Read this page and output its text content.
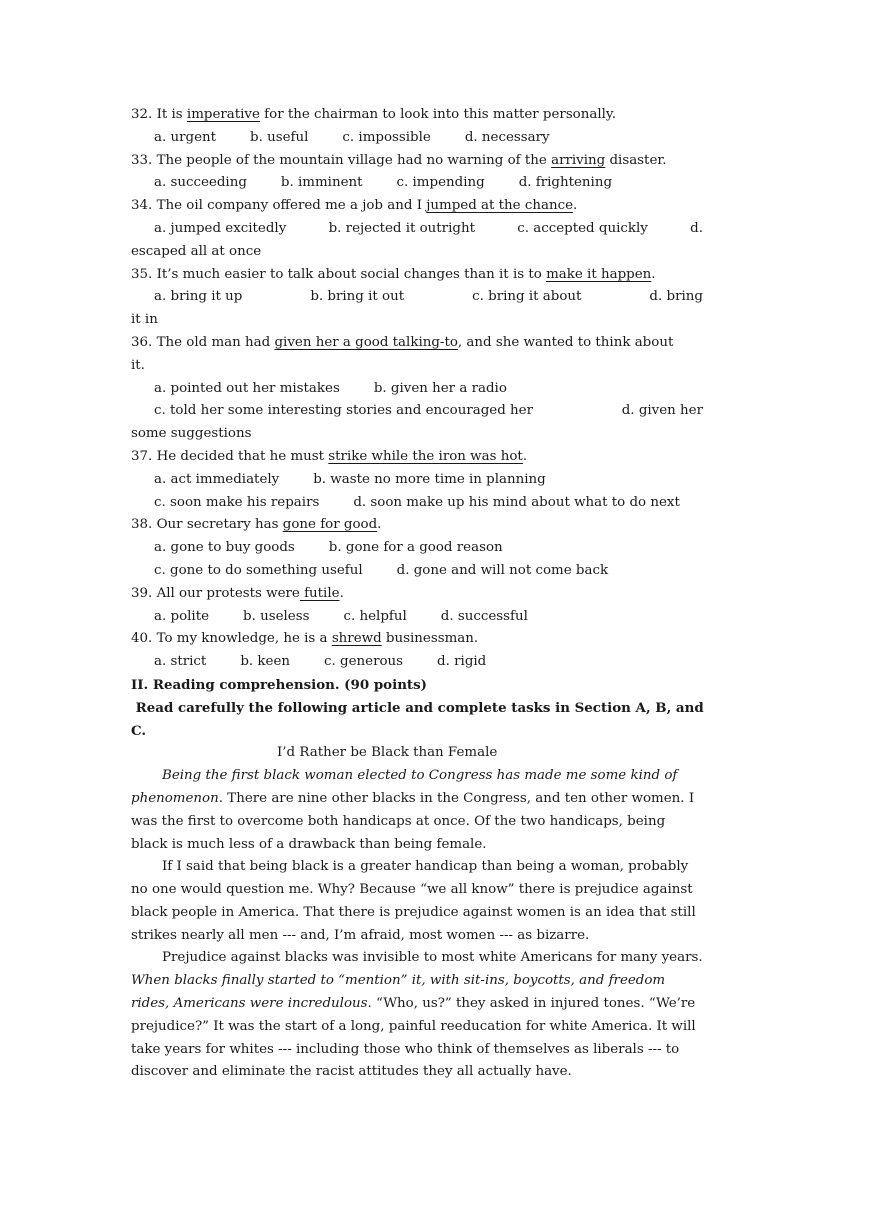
32. It is imperative for the chairman to look into this matter personally.
a. urgent	b. useful	c. impossible	d. necessary
33. The people of the mountain village had no warning of the arriving disaster.
a. succeeding	b. imminent	c. impending	d. frightening
34. The oil company offered me a job and I jumped at the chance.
a. jumped excitedly	b. rejected it outright	c. accepted quickly	d.
escaped all at once
35. It’s much easier to talk about social changes than it is to make it happen.
a. bring it up	b. bring it out	c. bring it about	d. bring
it in
36. The old man had given her a good talking-to, and she wanted to think about
it.
a. pointed out her mistakes	b. given her a radio
c. told her some interesting stories and encouraged her	d. given her
some suggestions
37. He decided that he must strike while the iron was hot.
a. act immediately	b. waste no more time in planning
c. soon make his repairs	d. soon make up his mind about what to do next
38. Our secretary has gone for good.
a. gone to buy goods	b. gone for a good reason
c. gone to do something useful	d. gone and will not come back
39. All our protests were futile.
a. polite	b. useless	c. helpful	d. successful
40. To my knowledge, he is a shrewd businessman.
a. strict	b. keen	c. generous	d. rigid
II. Reading comprehension. (90 points)
Read carefully the following article and complete tasks in Section A, B, and
C.
I’d Rather be Black than Female
Being the first black woman elected to Congress has made me some kind of phenomenon. There are nine other blacks in the Congress, and ten other women. I was the first to overcome both handicaps at once. Of the two handicaps, being black is much less of a drawback than being female.
If I said that being black is a greater handicap than being a woman, probably no one would question me. Why? Because “we all know” there is prejudice against black people in America. That there is prejudice against women is an idea that still strikes nearly all men --- and, I’m afraid, most women --- as bizarre.
Prejudice against blacks was invisible to most white Americans for many years. When blacks finally started to “mention” it, with sit-ins, boycotts, and freedom rides, Americans were incredulous. “Who, us?” they asked in injured tones. “We’re prejudice?” It was the start of a long, painful reeducation for white America. It will take years for whites --- including those who think of themselves as liberals --- to discover and eliminate the racist attitudes they all actually have.
